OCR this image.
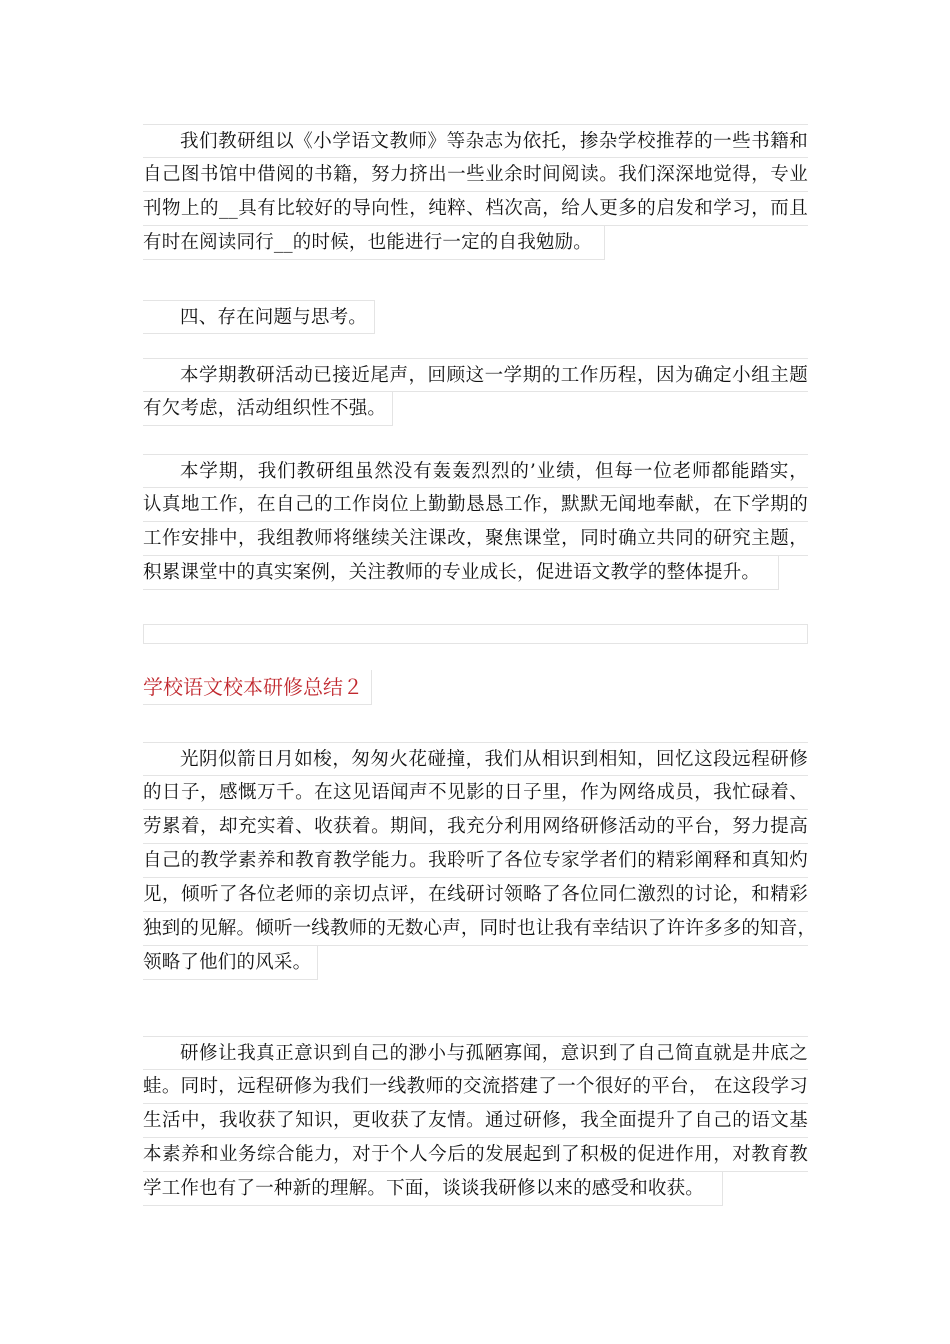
我们教研组以《小学语文教师》等杂志为依托，掺杂学校推荐的一些书籍和
自己图书馆中借阅的书籍，努力挤出一些业余时间阅读。我们深深地觉得，专业
刊物上的__具有比较好的导向性，纯粹、档次高，给人更多的启发和学习，而且
有时在阅读同行__的时候，也能进行一定的自我勉励。
四、存在问题与思考。
本学期教研活动已接近尾声，回顾这一学期的工作历程，因为确定小组主题
有欠考虑，活动组织性不强。
本学期，我们教研组虽然没有轰轰烈烈的’业绩，但每一位老师都能踏实，
认真地工作，在自己的工作岗位上勤勤恳恳工作，默默无闻地奉献，在下学期的
工作安排中，我组教师将继续关注课改，聚焦课堂，同时确立共同的研究主题，
积累课堂中的真实案例，关注教师的专业成长，促进语文教学的整体提升。
学校语文校本研修总结２
光阴似箭日月如梭，匆匆火花碰撞，我们从相识到相知，回忆这段远程研修
的日子，感慨万千。在这见语闻声不见影的日子里，作为网络成员，我忙碌着、
劳累着，却充实着、收获着。期间，我充分利用网络研修活动的平台，努力提高
自己的教学素养和教育教学能力。我聆听了各位专家学者们的精彩阐释和真知灼
见，倾听了各位老师的亲切点评，在线研讨领略了各位同仁激烈的讨论，和精彩
独到的见解。倾听一线教师的无数心声，同时也让我有幸结识了许许多多的知音，
领略了他们的风采。
研修让我真正意识到自己的渺小与孤陋寡闻，意识到了自己简直就是井底之
蛙。同时，远程研修为我们一线教师的交流搭建了一个很好的平台， 在这段学习
生活中，我收获了知识，更收获了友情。通过研修，我全面提升了自己的语文基
本素养和业务综合能力，对于个人今后的发展起到了积极的促进作用，对教育教
学工作也有了一种新的理解。下面，谈谈我研修以来的感受和收获。
